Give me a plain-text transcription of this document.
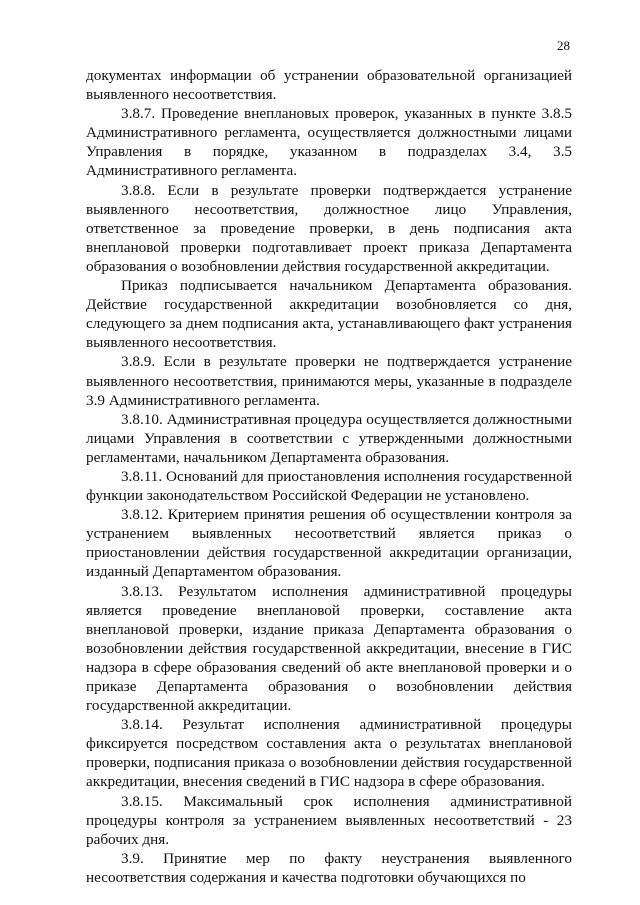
28

документах информации об устранении образовательной организацией выявленного несоответствия.

3.8.7. Проведение внеплановых проверок, указанных в пункте 3.8.5 Административного регламента, осуществляется должностными лицами Управления в порядке, указанном в подразделах 3.4, 3.5 Административного регламента.

3.8.8. Если в результате проверки подтверждается устранение выявленного несоответствия, должностное лицо Управления, ответственное за проведение проверки, в день подписания акта внеплановой проверки подготавливает проект приказа Департамента образования о возобновлении действия государственной аккредитации.

Приказ подписывается начальником Департамента образования. Действие государственной аккредитации возобновляется со дня, следующего за днем подписания акта, устанавливающего факт устранения выявленного несоответствия.

3.8.9. Если в результате проверки не подтверждается устранение выявленного несоответствия, принимаются меры, указанные в подразделе 3.9 Административного регламента.

3.8.10. Административная процедура осуществляется должностными лицами Управления в соответствии с утвержденными должностными регламентами, начальником Департамента образования.

3.8.11. Оснований для приостановления исполнения государственной функции законодательством Российской Федерации не установлено.

3.8.12. Критерием принятия решения об осуществлении контроля за устранением выявленных несоответствий является приказ о приостановлении действия государственной аккредитации организации, изданный Департаментом образования.

3.8.13. Результатом исполнения административной процедуры является проведение внеплановой проверки, составление акта внеплановой проверки, издание приказа Департамента образования о возобновлении действия государственной аккредитации, внесение в ГИС надзора в сфере образования сведений об акте внеплановой проверки и о приказе Департамента образования о возобновлении действия государственной аккредитации.

3.8.14. Результат исполнения административной процедуры фиксируется посредством составления акта о результатах внеплановой проверки, подписания приказа о возобновлении действия государственной аккредитации, внесения сведений в ГИС надзора в сфере образования.

3.8.15. Максимальный срок исполнения административной процедуры контроля за устранением выявленных несоответствий - 23 рабочих дня.

3.9. Принятие мер по факту неустранения выявленного несоответствия содержания и качества подготовки обучающихся по
